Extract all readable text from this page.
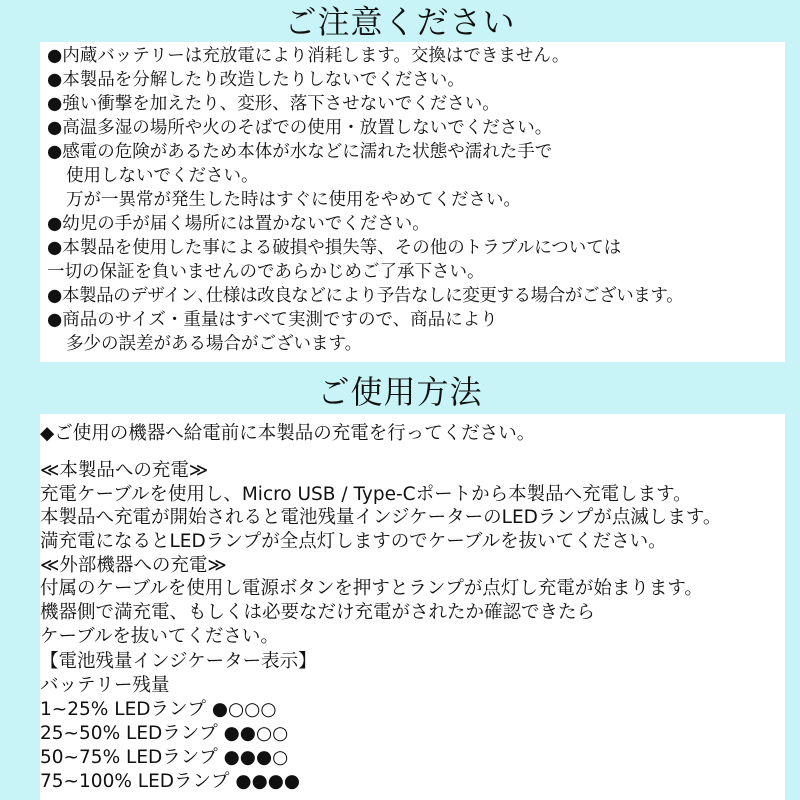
ご注意ください
●内蔵バッテリーは充放電により消耗します。交換はできません。
●本製品を分解したり改造したりしないでください。
●強い衝撃を加えたり、変形、落下させないでください。
●高温多湿の場所や火のそばでの使用・放置しないでください。
●感電の危険があるため本体が水などに濡れた状態や濡れた手で
使用しないでください。
万が一異常が発生した時はすぐに使用をやめてください。
●幼児の手が届く場所には置かないでください。
●本製品を使用した事による破損や損失等、その他のトラブルについては
一切の保証を負いませんのであらかじめご了承下さい。
●本製品のデザイン､仕様は改良などにより予告なしに変更する場合がございます。
●商品のサイズ・重量はすべて実測ですので、商品により
多少の誤差がある場合がございます。
ご使用方法
◆ご使用の機器へ給電前に本製品の充電を行ってください。
≪本製品への充電≫
充電ケーブルを使用し、Micro USB / Type-Cポートから本製品へ充電します。
本製品へ充電が開始されると電池残量インジケーターのLEDランプが点滅します。
満充電になるとLEDランプが全点灯しますのでケーブルを抜いてください。
≪外部機器への充電≫
付属のケーブルを使用し電源ボタンを押すとランプが点灯し充電が始まります。
機器側で満充電、もしくは必要なだけ充電がされたか確認できたら
ケーブルを抜いてください。
【電池残量インジケーター表示】
バッテリー残量
1~25% LEDランプ ●○○○
25~50% LEDランプ ●●○○
50~75% LEDランプ ●●●○
75~100% LEDランプ ●●●●
